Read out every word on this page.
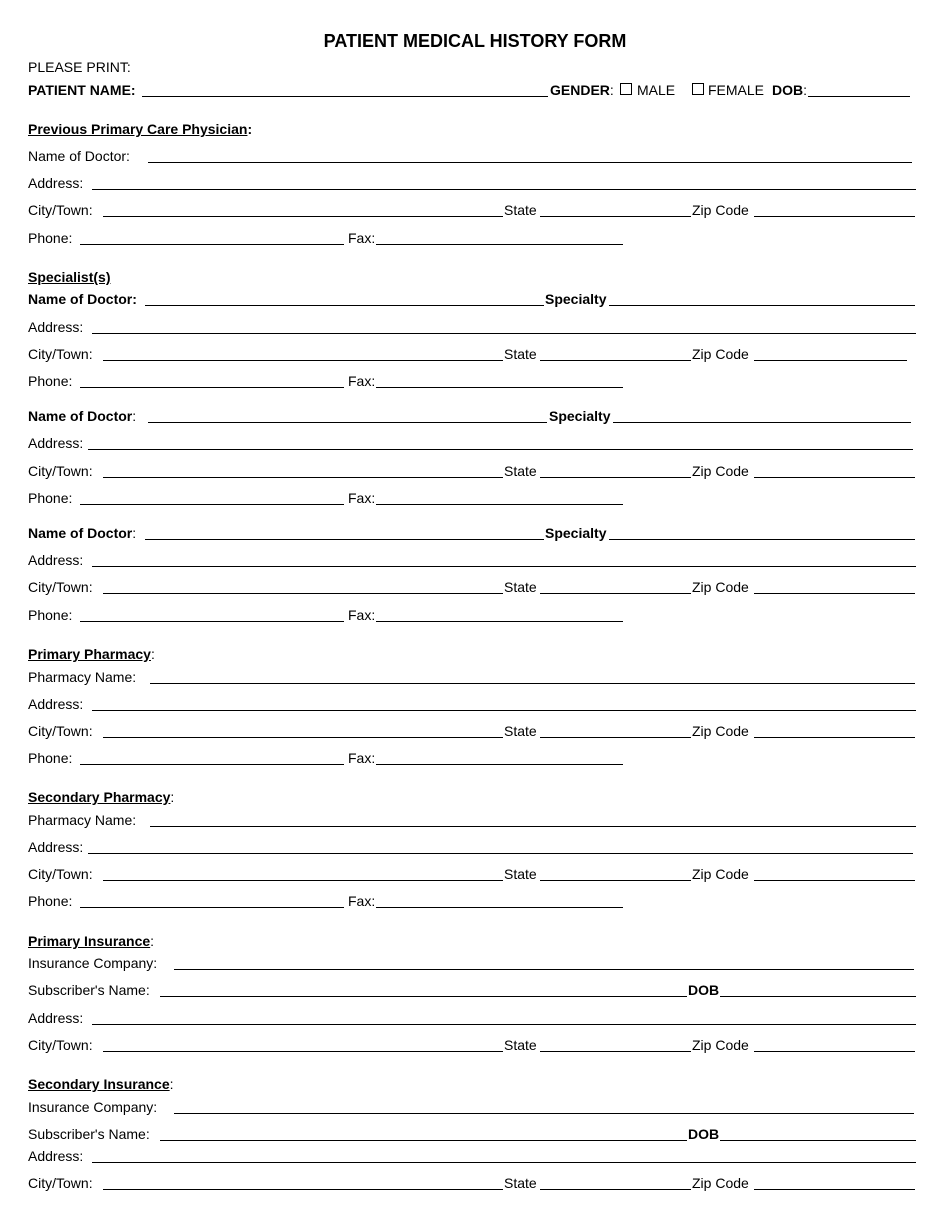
PATIENT MEDICAL HISTORY FORM
PLEASE PRINT:
PATIENT NAME:	GENDER: MALE FEMALE DOB:
Previous Primary Care Physician:
Name of Doctor:
Address:
City/Town:	State	Zip Code
Phone:	Fax:
Specialist(s)
Name of Doctor:	Specialty
Address:
City/Town:	State	Zip Code
Phone:	Fax:
Name of Doctor:	Specialty
Address:
City/Town:	State	Zip Code
Phone:	Fax:
Name of Doctor:	Specialty
Address:
City/Town:	State	Zip Code
Phone:	Fax:
Primary Pharmacy:
Pharmacy Name:
Address:
City/Town:	State	Zip Code
Phone:	Fax:
Secondary Pharmacy:
Pharmacy Name:
Address:
City/Town:	State	Zip Code
Phone:	Fax:
Primary Insurance:
Insurance Company:
Subscriber's Name:	DOB
Address:
City/Town:	State	Zip Code
Secondary Insurance:
Insurance Company:
Subscriber's Name:	DOB
Address:
City/Town:	State	Zip Code
